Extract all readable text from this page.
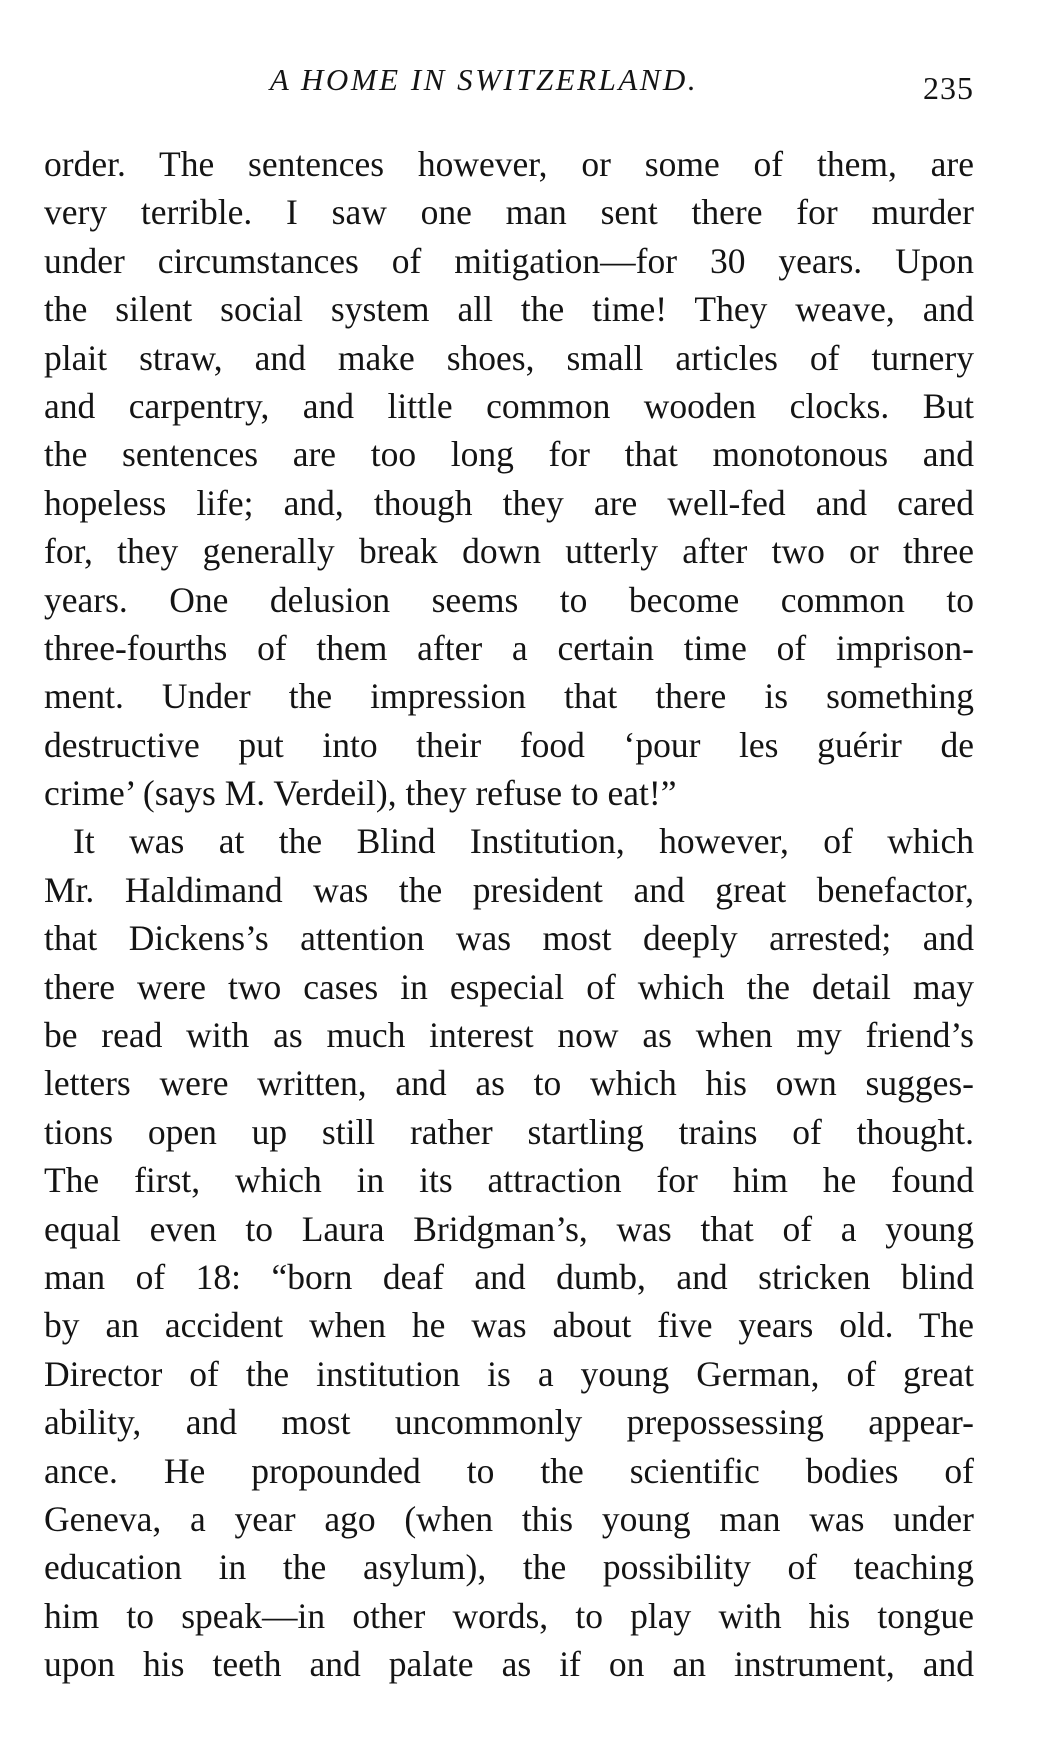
A HOME IN SWITZERLAND.	235
order. The sentences however, or some of them, are
very terrible. I saw one man sent there for murder
under circumstances of mitigation—for 30 years. Upon
the silent social system all the time! They weave, and
plait straw, and make shoes, small articles of turnery
and carpentry, and little common wooden clocks. But
the sentences are too long for that monotonous and
hopeless life; and, though they are well-fed and cared
for, they generally break down utterly after two or three
years. One delusion seems to become common to
three-fourths of them after a certain time of imprison-
ment. Under the impression that there is something
destructive put into their food ‘pour les guérir de
crime’ (says M. Verdeil), they refuse to eat!”
It was at the Blind Institution, however, of which
Mr. Haldimand was the president and great benefactor,
that Dickens’s attention was most deeply arrested; and
there were two cases in especial of which the detail may
be read with as much interest now as when my friend’s
letters were written, and as to which his own sugges-
tions open up still rather startling trains of thought.
The first, which in its attraction for him he found
equal even to Laura Bridgman’s, was that of a young
man of 18: “born deaf and dumb, and stricken blind
by an accident when he was about five years old. The
Director of the institution is a young German, of great
ability, and most uncommonly prepossessing appear-
ance. He propounded to the scientific bodies of
Geneva, a year ago (when this young man was under
education in the asylum), the possibility of teaching
him to speak—in other words, to play with his tongue
upon his teeth and palate as if on an instrument, and
